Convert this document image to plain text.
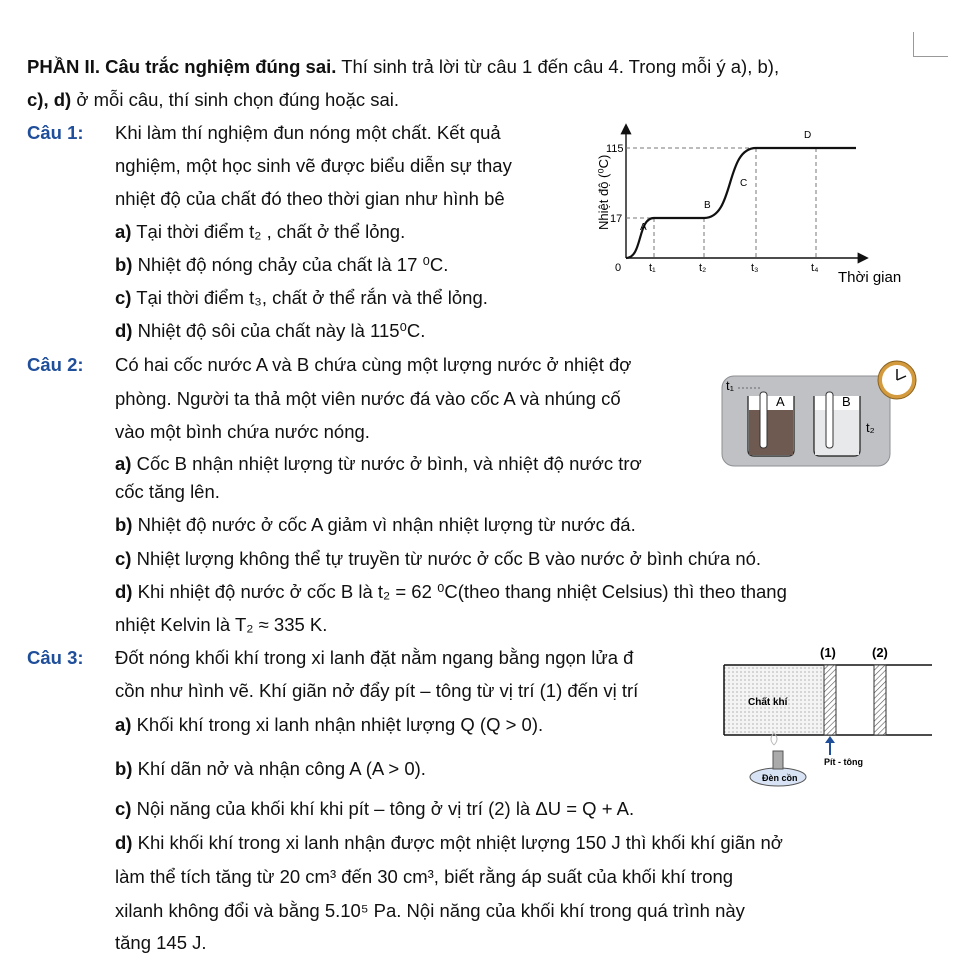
PHẦN II. Câu trắc nghiệm đúng sai. Thí sinh trả lời từ câu 1 đến câu 4. Trong mỗi ý a), b),
c), d) ở mỗi câu, thí sinh chọn đúng hoặc sai.
Câu 1: Khi làm thí nghiệm đun nóng một chất. Kết quả
nghiệm, một học sinh vẽ được biểu diễn sự thay
nhiệt độ của chất đó theo thời gian như hình bê
a) Tại thời điểm t₂ , chất ở thể lỏng.
b) Nhiệt độ nóng chảy của chất là 17 ⁰C.
c) Tại thời điểm t₃, chất ở thể rắn và thể lỏng.
d) Nhiệt độ sôi của chất này là 115⁰C.
Nhiệt độ (⁰C)
Thời gian
0
115
17
A
B
C
D
t₁	t₂	t₃	t₄
Câu 2: Có hai cốc nước A và B chứa cùng một lượng nước ở nhiệt đợ
phòng. Người ta thả một viên nước đá vào cốc A và nhúng cố
vào một bình chứa nước nóng.
a) Cốc B nhận nhiệt lượng từ nước ở bình, và nhiệt độ nước trơ
cốc tăng lên.
b) Nhiệt độ nước ở cốc A giảm vì nhận nhiệt lượng từ nước đá.
c) Nhiệt lượng không thể tự truyền từ nước ở cốc B vào nước ở bình chứa nó.
d) Khi nhiệt độ nước ở cốc B là t₂ = 62 ⁰C(theo thang nhiệt Celsius) thì theo thang
nhiệt Kelvin là T₂ ≈ 335 K.
t₁
A	B
t₂
Câu 3: Đốt nóng khối khí trong xi lanh đặt nằm ngang bằng ngọn lửa đ
cồn như hình vẽ. Khí giãn nở đẩy pít – tông từ vị trí (1) đến vị trí
a) Khối khí trong xi lanh nhận nhiệt lượng Q (Q > 0).
b) Khí dãn nở và nhận công A (A > 0).
c) Nội năng của khối khí khi pít – tông ở vị trí (2) là ΔU = Q + A.
d) Khi khối khí trong xi lanh nhận được một nhiệt lượng 150 J thì khối khí giãn nở
làm thể tích tăng từ 20 cm³ đến 30 cm³, biết rằng áp suất của khối khí trong
xilanh không đổi và bằng 5.10⁵ Pa. Nội năng của khối khí trong quá trình này
tăng 145 J.
(1)	(2)
Chất khí
Pít - tông
Đèn cồn
